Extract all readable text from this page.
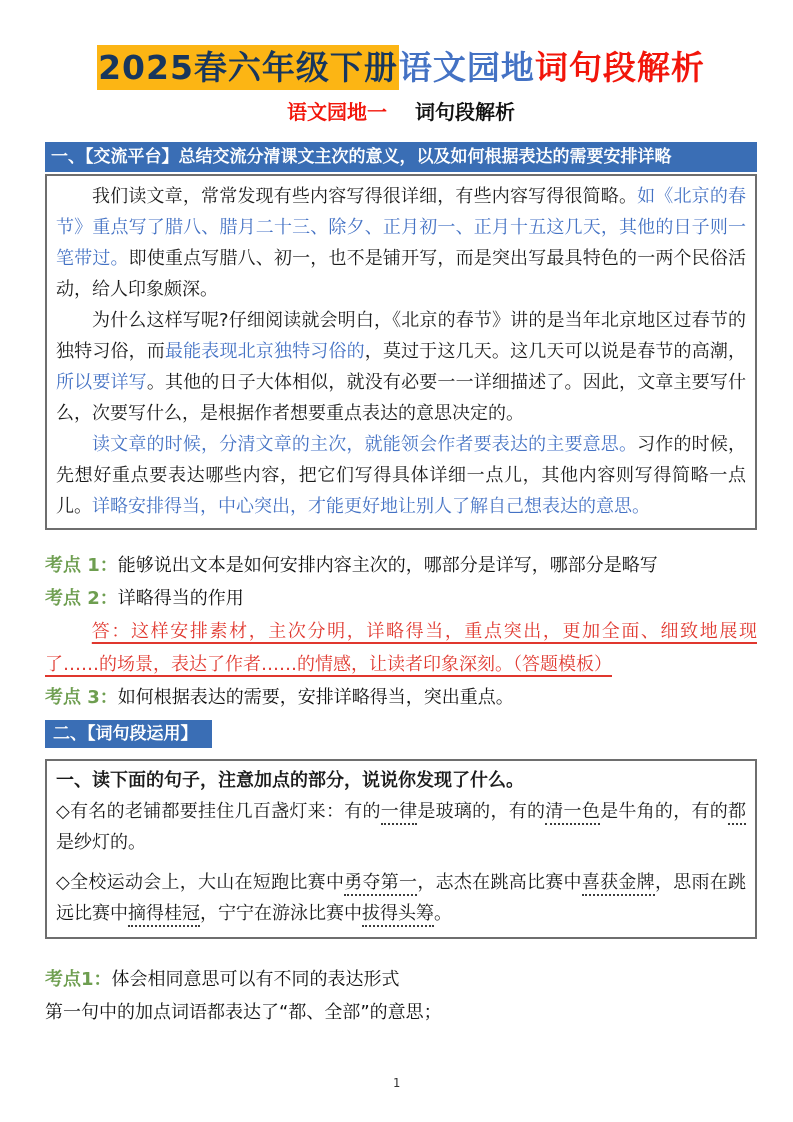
2025春六年级下册语文园地词句段解析
语文园地一 词句段解析
一、【交流平台】总结交流分清课文主次的意义，以及如何根据表达的需要安排详略

我们读文章，常常发现有些内容写得很详细，有些内容写得很简略。如《北京的春节》重点写了腊八、腊月二十三、除夕、正月初一、正月十五这几天，其他的日子则一笔带过。即使重点写腊八、初一，也不是铺开写，而是突出写最具特色的一两个民俗活动，给人印象颇深。

为什么这样写呢?仔细阅读就会明白，《北京的春节》讲的是当年北京地区过春节的独特习俗，而最能表现北京独特习俗的，莫过于这几天。这几天可以说是春节的高潮，所以要详写。其他的日子大体相似，就没有必要一一详细描述了。因此，文章主要写什么，次要写什么，是根据作者想要重点表达的意思决定的。

读文章的时候，分清文章的主次，就能领会作者要表达的主要意思。习作的时候，先想好重点要表达哪些内容，把它们写得具体详细一点儿，其他内容则写得简略一点儿。详略安排得当，中心突出，才能更好地让别人了解自己想表达的意思。

考点 1：能够说出文本是如何安排内容主次的，哪部分是详写，哪部分是略写

考点 2：详略得当的作用

答：这样安排素材，主次分明，详略得当，重点突出，更加全面、细致地展现了……的场景，表达了作者……的情感，让读者印象深刻。（答题模板）

考点 3：如何根据表达的需要，安排详略得当，突出重点。

二、【词句段运用】

一、读下面的句子，注意加点的部分，说说你发现了什么。

◇有名的老铺都要挂住几百盏灯来：有的一律是玻璃的，有的清一色是牛角的，有的都是纱灯的。

◇全校运动会上，大山在短跑比赛中勇夺第一，志杰在跳高比赛中喜获金牌，思雨在跳远比赛中摘得桂冠，宁宁在游泳比赛中拔得头筹。

考点1：体会相同意思可以有不同的表达形式

第一句中的加点词语都表达了“都、全部”的意思；

1
